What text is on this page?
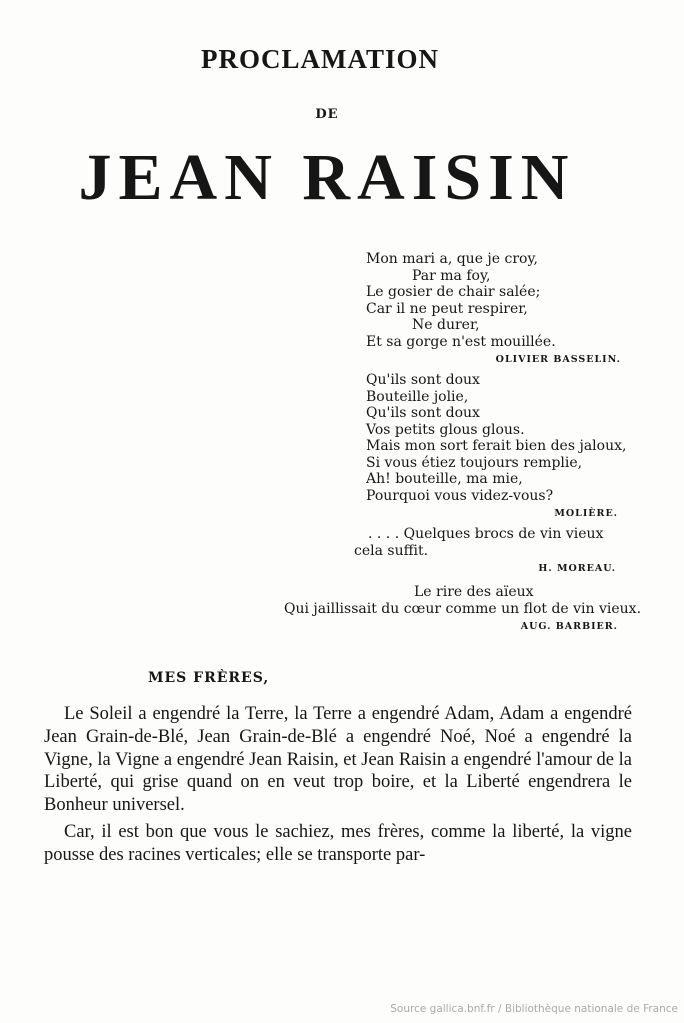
PROCLAMATION
DE
JEAN RAISIN
Mon mari a, que je croy,
Par ma foy,
Le gosier de chair salée;
Car il ne peut respirer,
Ne durer,
Et sa gorge n'est mouillée.
OLIVIER BASSELIN.
Qu'ils sont doux
Bouteille jolie,
Qu'ils sont doux
Vos petits glous glous.
Mais mon sort ferait bien des jaloux,
Si vous étiez toujours remplie,
Ah! bouteille, ma mie,
Pourquoi vous videz-vous?
MOLIÈRE.
. . . . Quelques brocs de vin vieux
cela suffit.
H. MOREAU.
Le rire des aïeux
Qui jaillissait du cœur comme un flot de vin vieux.
AUG. BARBIER.
MES FRÈRES,

Le Soleil a engendré la Terre, la Terre a engendré Adam, Adam a engendré Jean Grain-de-Blé, Jean Grain-de-Blé a engendré Noé, Noé a engendré la Vigne, la Vigne a engendré Jean Raisin, et Jean Raisin a engendré l'amour de la Liberté, qui grise quand on en veut trop boire, et la Liberté engendrera le Bonheur universel.

Car, il est bon que vous le sachiez, mes frères, comme la liberté, la vigne pousse des racines verticales; elle se transporte par-

Source gallica.bnf.fr / Bibliothèque nationale de France
